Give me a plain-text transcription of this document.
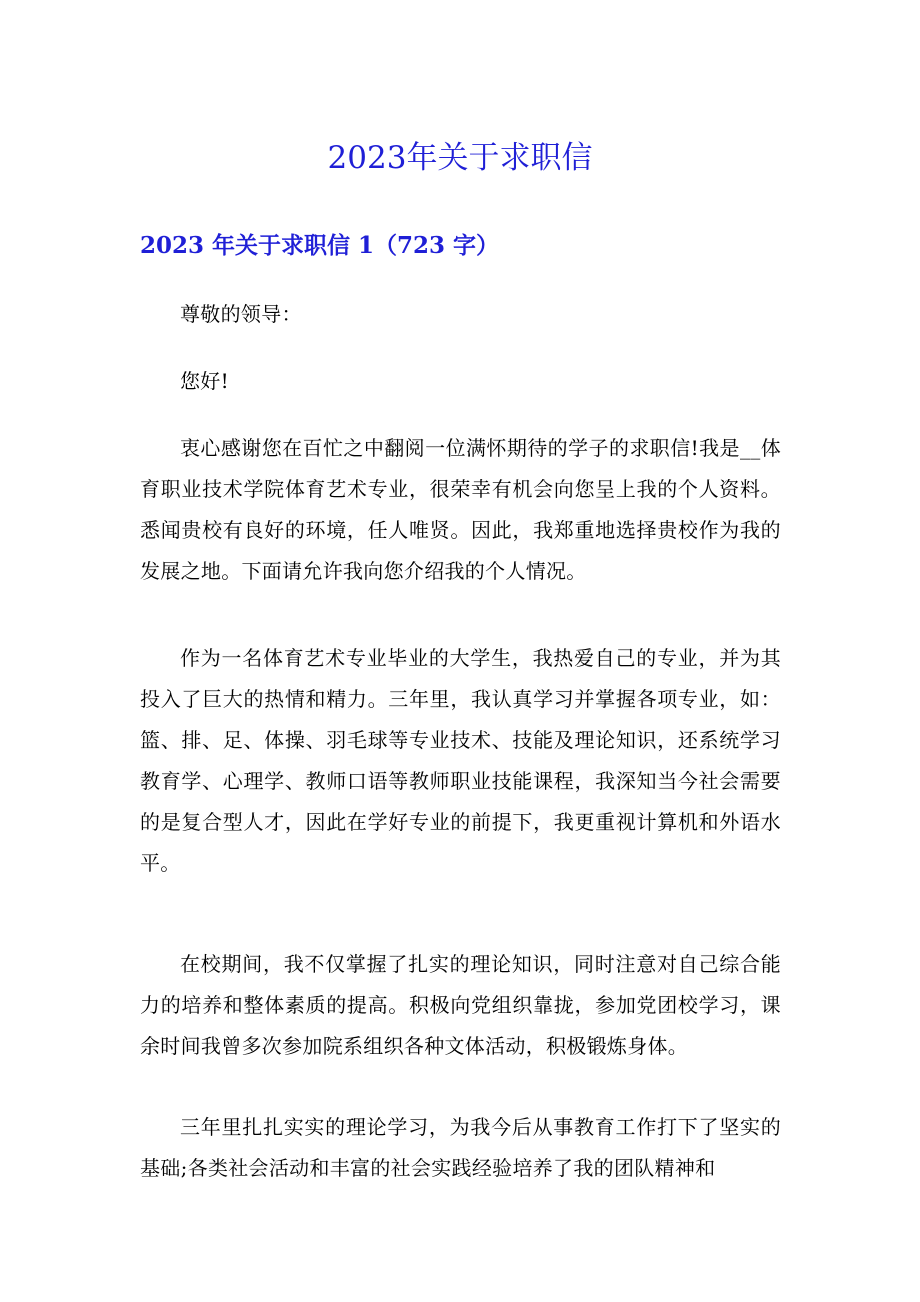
2023年关于求职信
2023 年关于求职信 1（723 字）

尊敬的领导：

您好!

衷心感谢您在百忙之中翻阅一位满怀期待的学子的求职信!我是__体育职业技术学院体育艺术专业，很荣幸有机会向您呈上我的个人资料。悉闻贵校有良好的环境，任人唯贤。因此，我郑重地选择贵校作为我的发展之地。下面请允许我向您介绍我的个人情况。

作为一名体育艺术专业毕业的大学生，我热爱自己的专业，并为其投入了巨大的热情和精力。三年里，我认真学习并掌握各项专业，如：篮、排、足、体操、羽毛球等专业技术、技能及理论知识，还系统学习教育学、心理学、教师口语等教师职业技能课程，我深知当今社会需要的是复合型人才，因此在学好专业的前提下，我更重视计算机和外语水平。

在校期间，我不仅掌握了扎实的理论知识，同时注意对自己综合能力的培养和整体素质的提高。积极向党组织靠拢，参加党团校学习，课余时间我曾多次参加院系组织各种文体活动，积极锻炼身体。

三年里扎扎实实的理论学习，为我今后从事教育工作打下了坚实的基础;各类社会活动和丰富的社会实践经验培养了我的团队精神和
